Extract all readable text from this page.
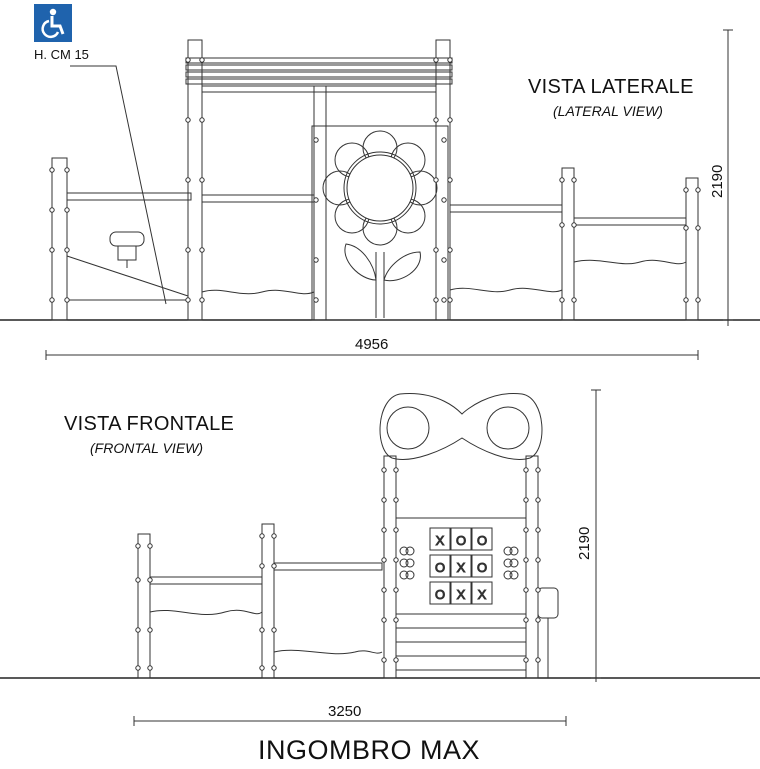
X O O
O X O
O X X

H. CM 15

VISTA LATERALE

(LATERAL VIEW)

4956

2190

VISTA FRONTALE

(FRONTAL VIEW)

3250

2190

INGOMBRO MAX
